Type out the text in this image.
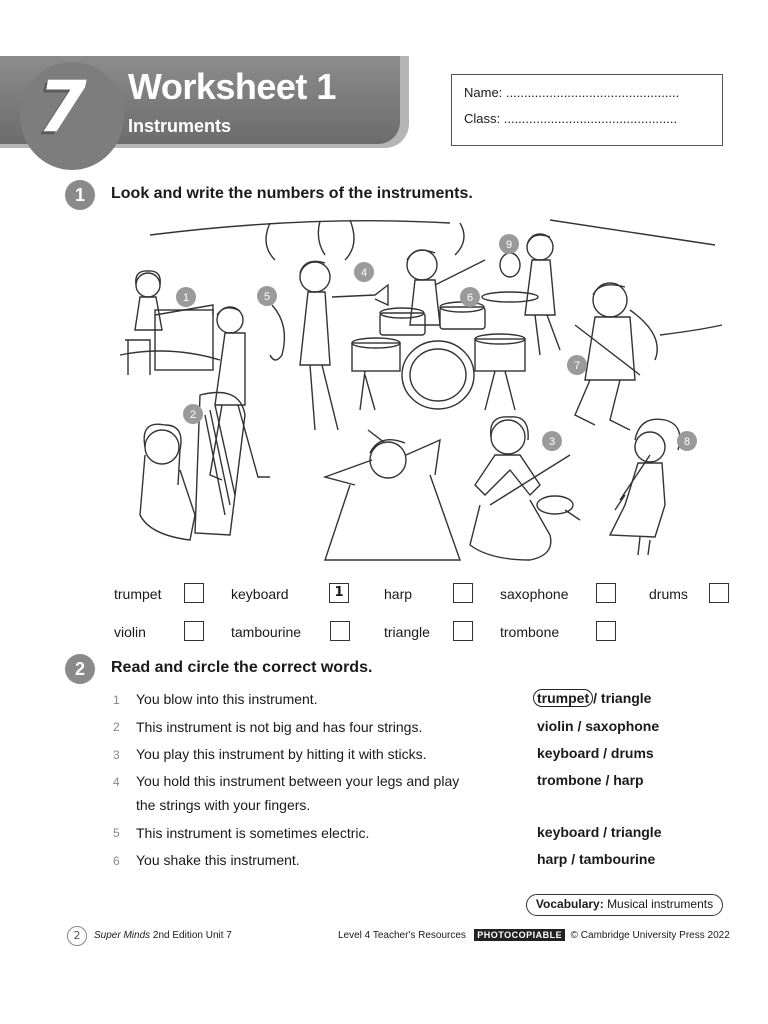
7 Worksheet 1
Instruments
Name: ................................................
Class: ................................................
1	Look and write the numbers of the instruments.
1
2
3
4
5	6
7
8
9
trumpet	keyboard	1	harp	saxophone	drums
violin	tambourine	triangle	trombone
2	Read and circle the correct words.
1 You blow into this instrument.	trumpet / triangle
2 This instrument is not big and has four strings.	violin / saxophone
3 You play this instrument by hitting it with sticks.	keyboard / drums
4 You hold this instrument between your legs and play
the strings with your fingers.
trombone / harp
5 This instrument is sometimes electric.	keyboard / triangle
6 You shake this instrument.	harp / tambourine
Vocabulary: Musical instruments
2	Super Minds 2nd Edition Unit 7	Level 4 Teacher's Resources PHOTOCOPIABLE © Cambridge University Press 2022
